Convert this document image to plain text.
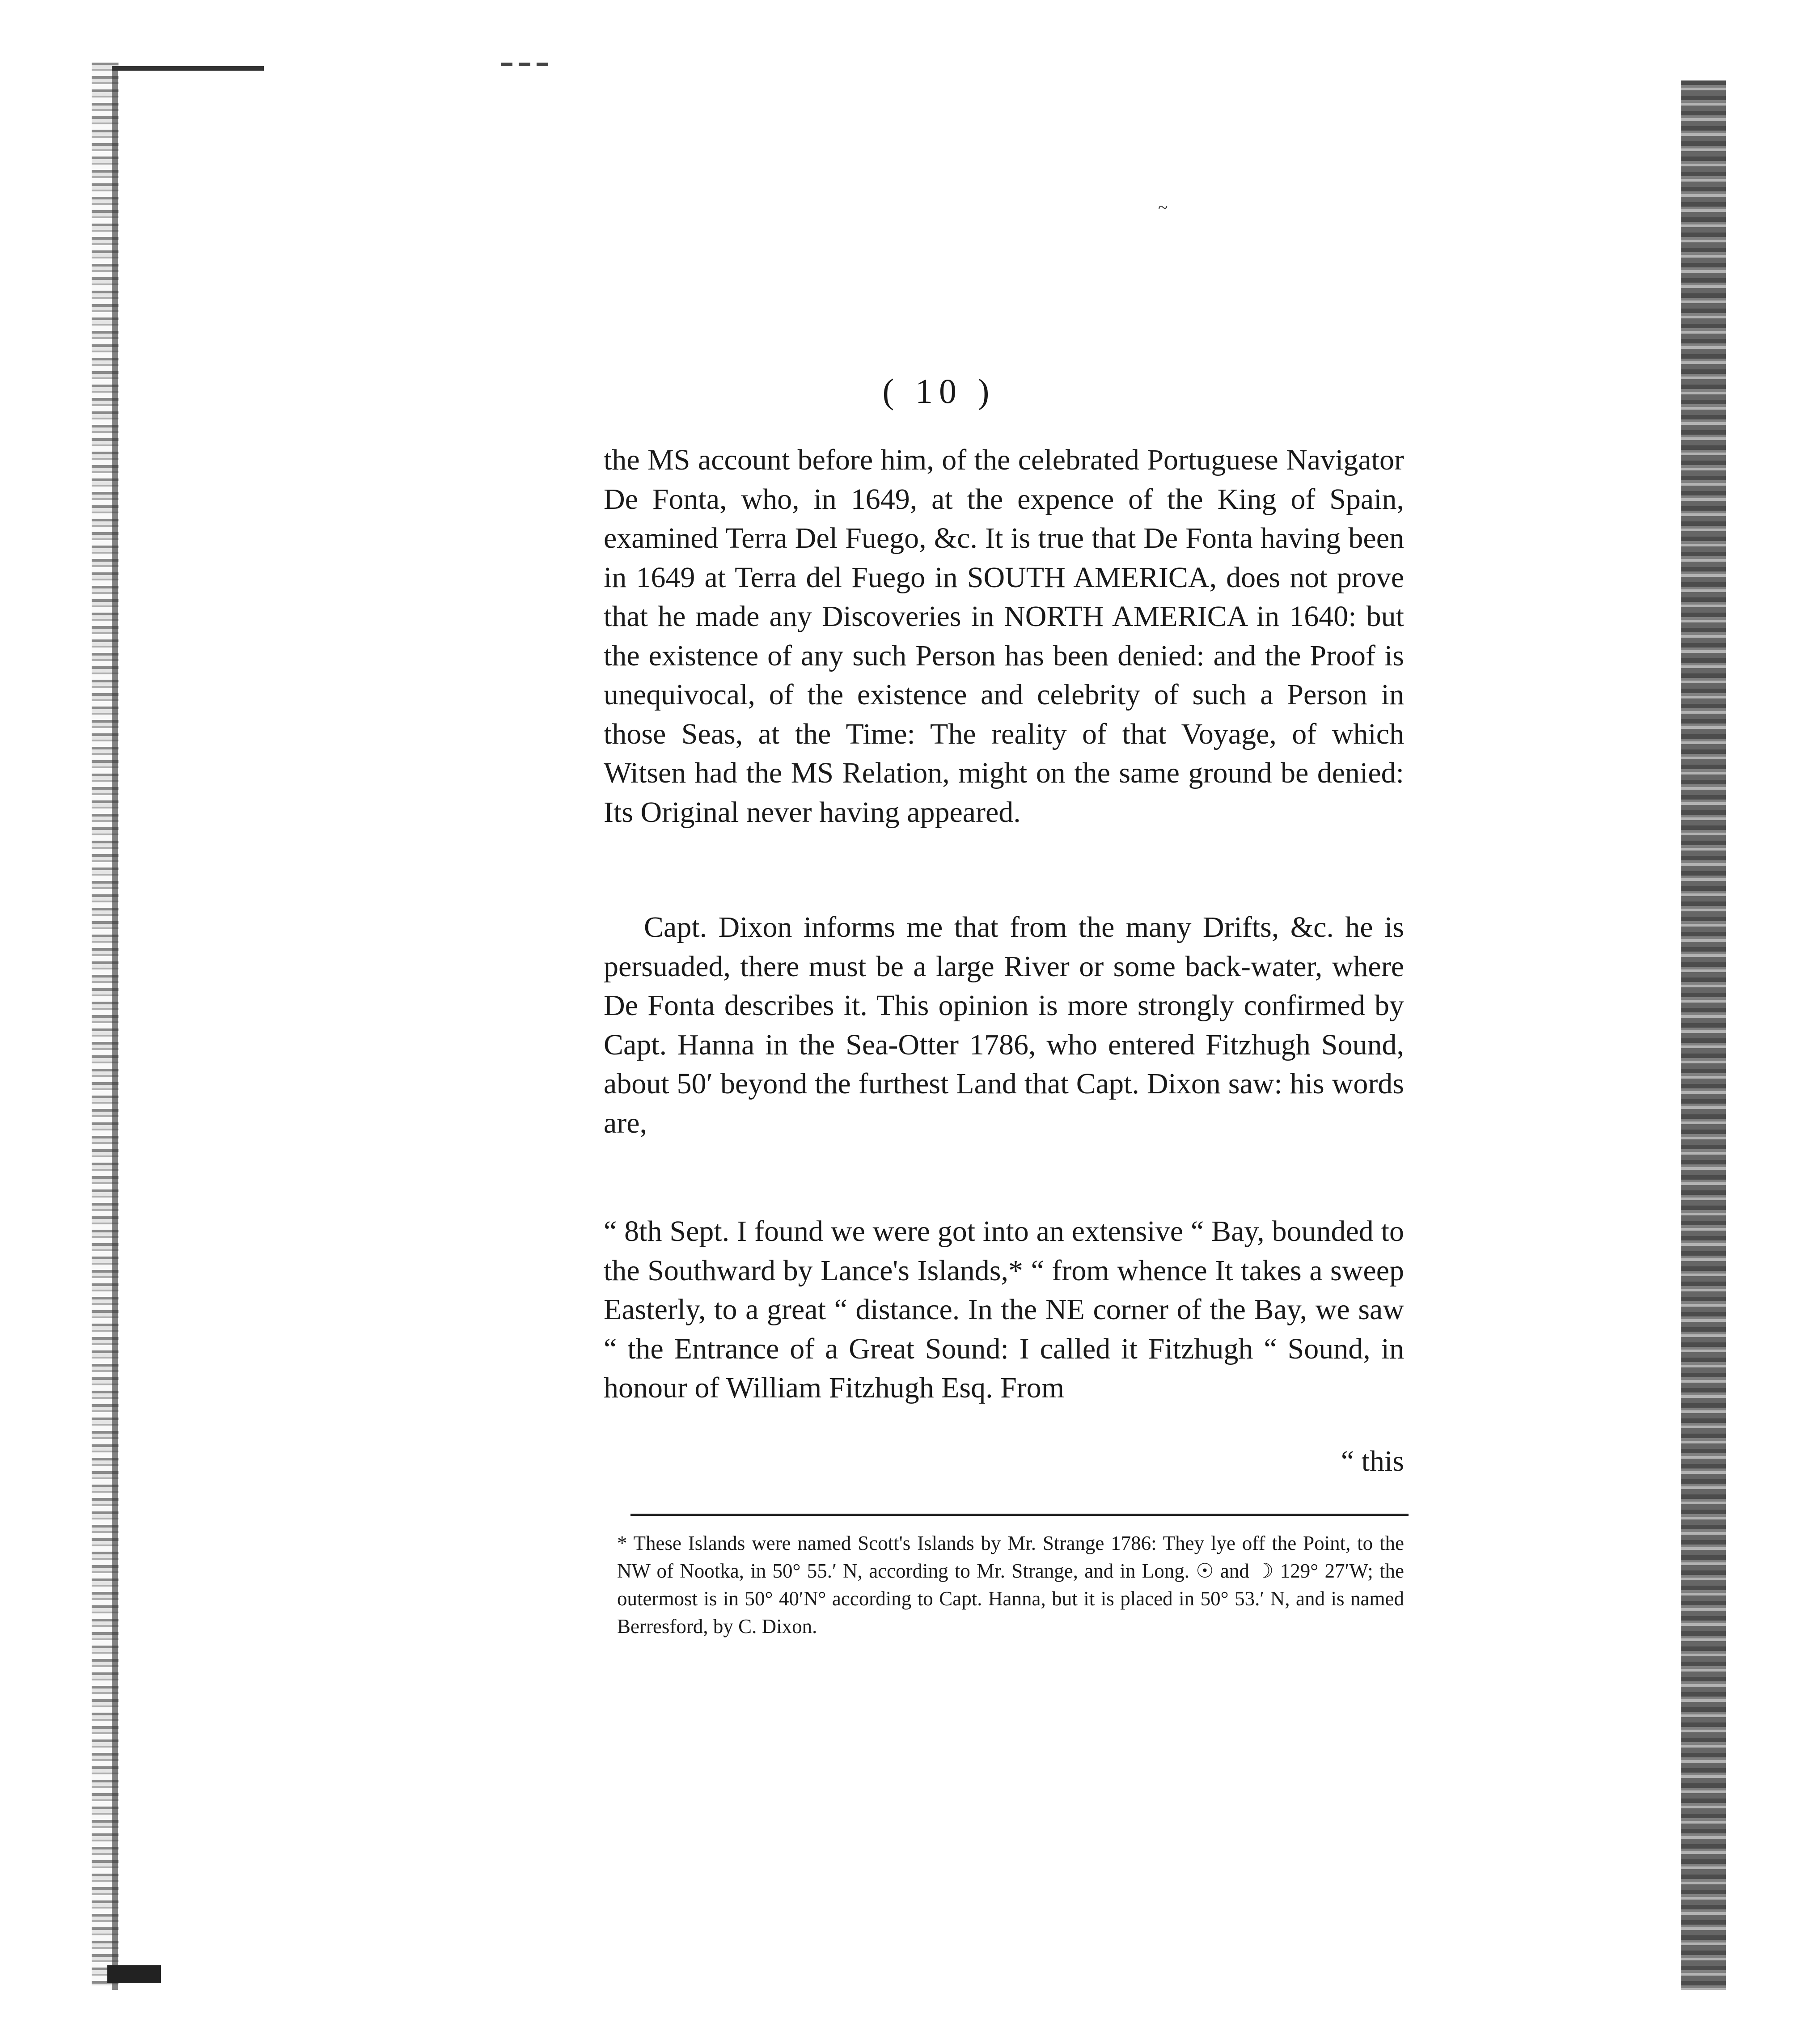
~
( 10 )
the MS account before him, of the celebrated Portuguese Navigator De Fonta, who, in 1649, at the expence of the King of Spain, examined Terra Del Fuego, &c. It is true that De Fonta having been in 1649 at Terra del Fuego in SOUTH AMERICA, does not prove that he made any Discoveries in NORTH AMERICA in 1640: but the existence of any such Person has been denied: and the Proof is unequivocal, of the existence and celebrity of such a Person in those Seas, at the Time: The reality of that Voyage, of which Witsen had the MS Relation, might on the same ground be denied: Its Original never having appeared.
Capt. Dixon informs me that from the many Drifts, &c. he is persuaded, there must be a large River or some back-water, where De Fonta describes it. This opinion is more strongly confirmed by Capt. Hanna in the Sea-Otter 1786, who entered Fitzhugh Sound, about 50′ beyond the furthest Land that Capt. Dixon saw: his words are,
“ 8th Sept. I found we were got into an extensive “ Bay, bounded to the Southward by Lance's Islands,* “ from whence It takes a sweep Easterly, to a great “ distance. In the NE corner of the Bay, we saw “ the Entrance of a Great Sound: I called it Fitzhugh “ Sound, in honour of William Fitzhugh Esq. From
“ this
* These Islands were named Scott's Islands by Mr. Strange 1786: They lye off the Point, to the NW of Nootka, in 50° 55.′ N, according to Mr. Strange, and in Long. ☉ and ☽ 129° 27′W; the outermost is in 50° 40′N° according to Capt. Hanna, but it is placed in 50° 53.′ N, and is named Berresford, by C. Dixon.
